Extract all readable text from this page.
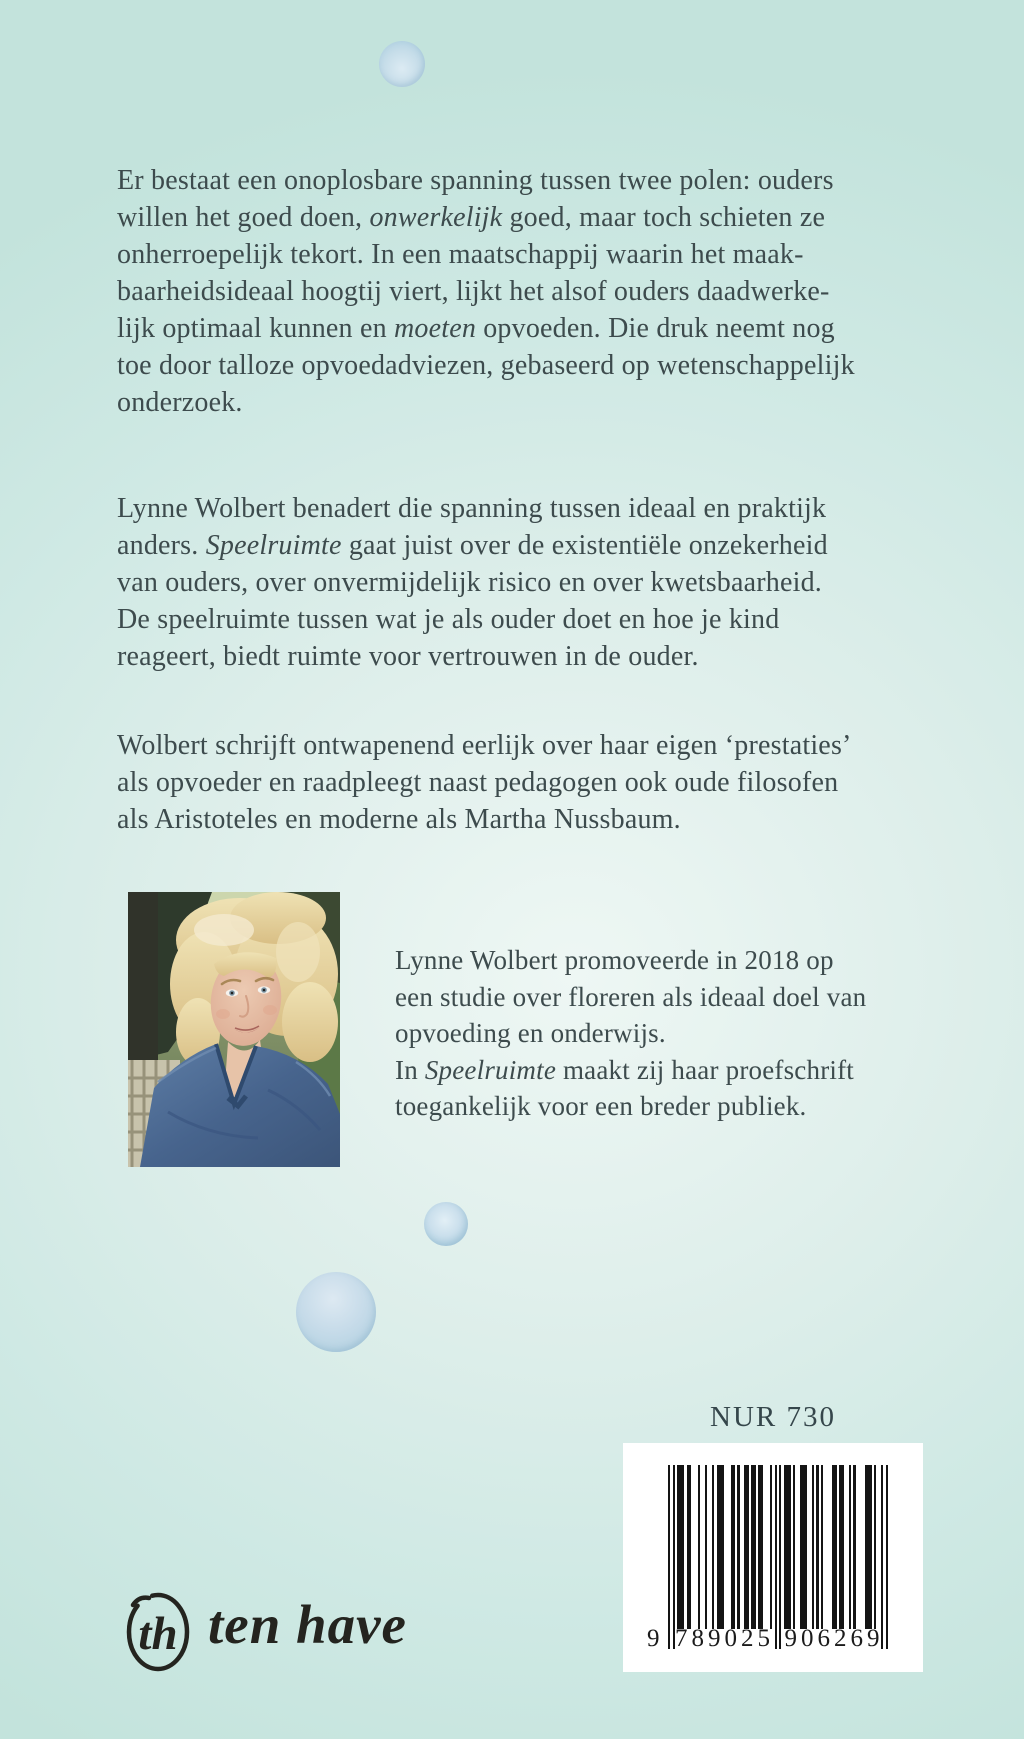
Er bestaat een onoplosbare spanning tussen twee polen: ouders
willen het goed doen, onwerkelijk goed, maar toch schieten ze
onherroepelijk tekort. In een maatschappij waarin het maak-
baarheidsideaal hoogtij viert, lijkt het alsof ouders daadwerke-
lijk optimaal kunnen en moeten opvoeden. Die druk neemt nog
toe door talloze opvoedadviezen, gebaseerd op wetenschappelijk
onderzoek.
Lynne Wolbert benadert die spanning tussen ideaal en praktijk
anders. Speelruimte gaat juist over de existentiële onzekerheid
van ouders, over onvermijdelijk risico en over kwetsbaarheid.
De speelruimte tussen wat je als ouder doet en hoe je kind
reageert, biedt ruimte voor vertrouwen in de ouder.
Wolbert schrijft ontwapenend eerlijk over haar eigen ‘prestaties’
als opvoeder en raadpleegt naast pedagogen ook oude filosofen
als Aristoteles en moderne als Martha Nussbaum.
Lynne Wolbert promoveerde in 2018 op
een studie over floreren als ideaal doel van
opvoeding en onderwijs.
In Speelruimte maakt zij haar proefschrift
toegankelijk voor een breder publiek.
NUR 730
9 789025 906269
th ten have
